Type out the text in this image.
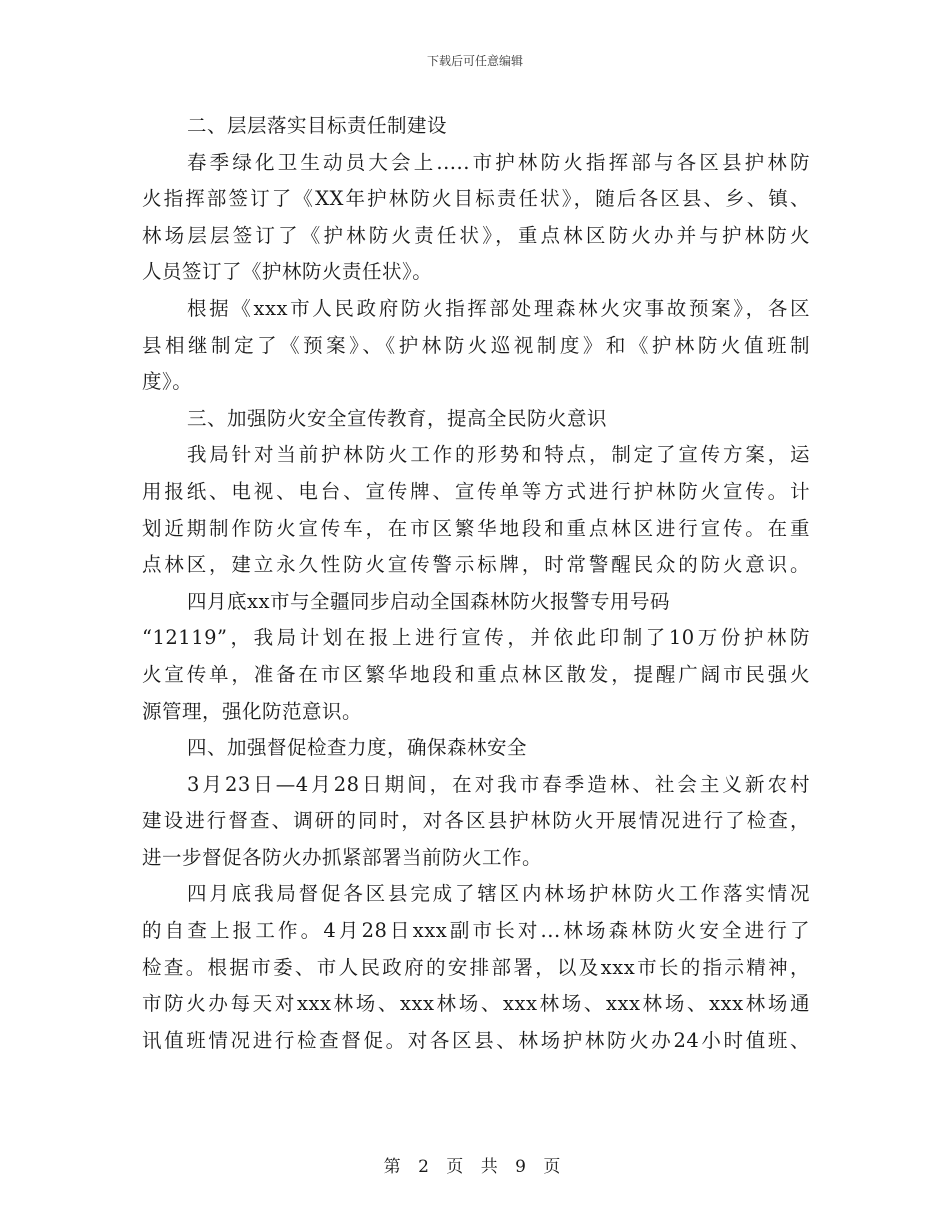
下载后可任意编辑
二、层层落实目标责任制建设
春季绿化卫生动员大会上.....市护林防火指挥部与各区县护林防
火指挥部签订了《XX年护林防火目标责任状》，随后各区县、乡、镇、
林场层层签订了《护林防火责任状》，重点林区防火办并与护林防火
人员签订了《护林防火责任状》。
根据《xxx市人民政府防火指挥部处理森林火灾事故预案》，各区
县相继制定了《预案》、《护林防火巡视制度》和《护林防火值班制
度》。
三、加强防火安全宣传教育，提高全民防火意识
我局针对当前护林防火工作的形势和特点，制定了宣传方案，运
用报纸、电视、电台、宣传牌、宣传单等方式进行护林防火宣传。计
划近期制作防火宣传车，在市区繁华地段和重点林区进行宣传。在重
点林区，建立永久性防火宣传警示标牌，时常警醒民众的防火意识。
四月底xx市与全疆同步启动全国森林防火报警专用号码
“12119”，我局计划在报上进行宣传，并依此印制了10万份护林防
火宣传单，准备在市区繁华地段和重点林区散发，提醒广阔市民强火
源管理，强化防范意识。
四、加强督促检查力度，确保森林安全
3月23日—4月28日期间，在对我市春季造林、社会主义新农村
建设进行督查、调研的同时，对各区县护林防火开展情况进行了检查，
进一步督促各防火办抓紧部署当前防火工作。
四月底我局督促各区县完成了辖区内林场护林防火工作落实情况
的自查上报工作。4月28日xxx副市长对...林场森林防火安全进行了
检查。根据市委、市人民政府的安排部署，以及xxx市长的指示精神，
市防火办每天对xxx林场、xxx林场、xxx林场、xxx林场、xxx林场通
讯值班情况进行检查督促。对各区县、林场护林防火办24小时值班、
第 2 页 共 9 页
